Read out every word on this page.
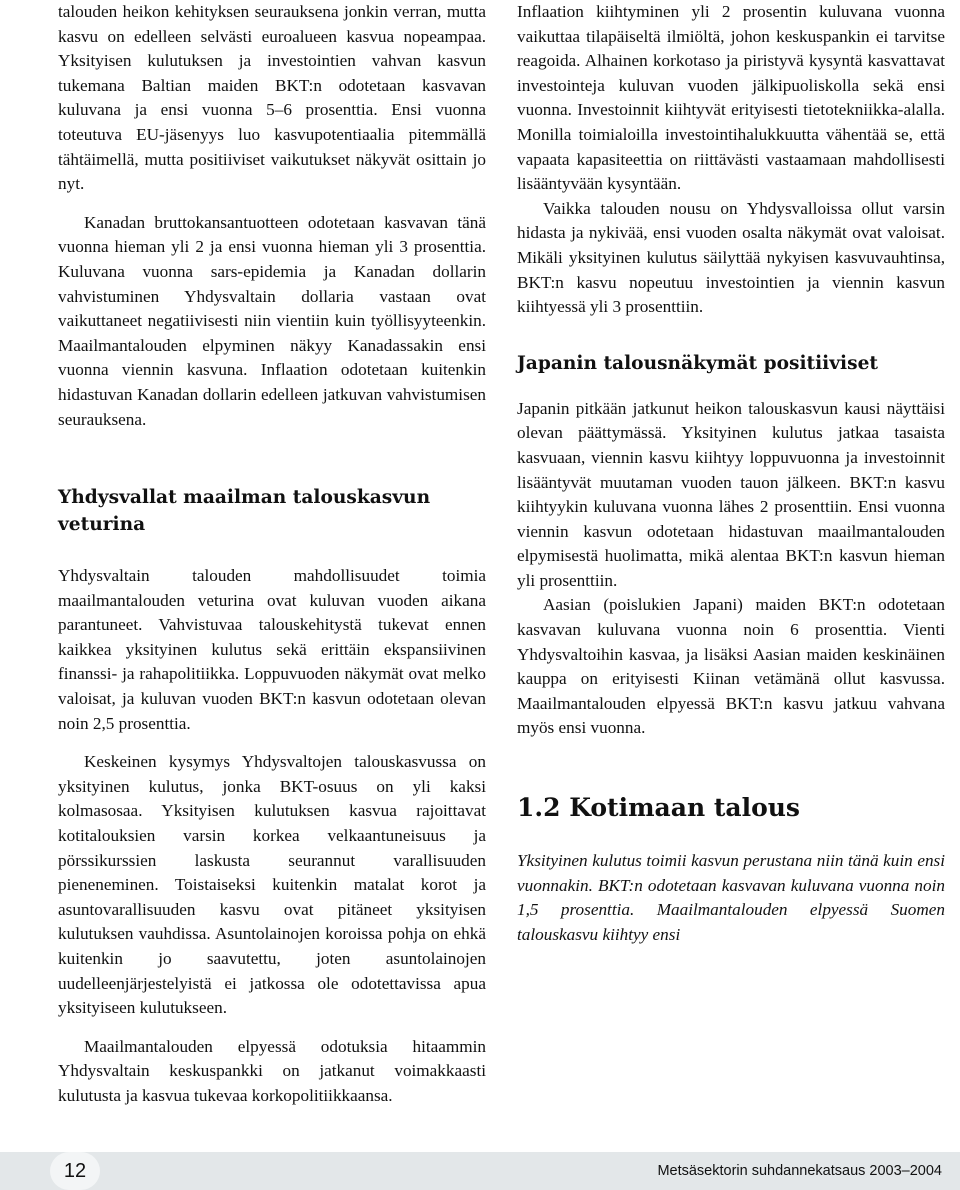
talouden heikon kehityksen seurauksena jonkin verran, mutta kasvu on edelleen selvästi euroalueen kasvua nopeampaa. Yksityisen kulutuksen ja investointien vahvan kasvun tukemana Baltian maiden BKT:n odotetaan kasvavan kuluvana ja ensi vuonna 5–6 prosenttia. Ensi vuonna toteutuva EU-jäsenyys luo kasvupotentiaalia pitemmällä tähtäimellä, mutta positiiviset vaikutukset näkyvät osittain jo nyt.

Kanadan bruttokansantuotteen odotetaan kasvavan tänä vuonna hieman yli 2 ja ensi vuonna hieman yli 3 prosenttia. Kuluvana vuonna sars-epidemia ja Kanadan dollarin vahvistuminen Yhdysvaltain dollaria vastaan ovat vaikuttaneet negatiivisesti niin vientiin kuin työllisyyteenkin. Maailmantalouden elpyminen näkyy Kanadassakin ensi vuonna viennin kasvuna. Inflaation odotetaan kuitenkin hidastuvan Kanadan dollarin edelleen jatkuvan vahvistumisen seurauksena.

Yhdysvallat maailman talouskasvun veturina

Yhdysvaltain talouden mahdollisuudet toimia maailmantalouden veturina ovat kuluvan vuoden aikana parantuneet. Vahvistuvaa talouskehitystä tukevat ennen kaikkea yksityinen kulutus sekä erittäin ekspansiivinen finanssi- ja rahapolitiikka. Loppuvuoden näkymät ovat melko valoisat, ja kuluvan vuoden BKT:n kasvun odotetaan olevan noin 2,5 prosenttia.

Keskeinen kysymys Yhdysvaltojen talouskasvussa on yksityinen kulutus, jonka BKT-osuus on yli kaksi kolmasosaa. Yksityisen kulutuksen kasvua rajoittavat kotitalouksien varsin korkea velkaantuneisuus ja pörssikurssien laskusta seurannut varallisuuden pieneneminen. Toistaiseksi kuitenkin matalat korot ja asuntovarallisuuden kasvu ovat pitäneet yksityisen kulutuksen vauhdissa. Asuntolainojen koroissa pohja on ehkä kuitenkin jo saavutettu, joten asuntolainojen uudelleenjärjestelyistä ei jatkossa ole odotettavissa apua yksityiseen kulutukseen.

Maailmantalouden elpyessä odotuksia hitaammin Yhdysvaltain keskuspankki on jatkanut voimakkaasti kulutusta ja kasvua tukevaa korkopolitiikkaansa.

Inflaation kiihtyminen yli 2 prosentin kuluvana vuonna vaikuttaa tilapäiseltä ilmiöltä, johon keskuspankin ei tarvitse reagoida. Alhainen korkotaso ja piristyvä kysyntä kasvattavat investointeja kuluvan vuoden jälkipuoliskolla sekä ensi vuonna. Investoinnit kiihtyvät erityisesti tietotekniikka-alalla. Monilla toimialoilla investointihalukkuutta vähentää se, että vapaata kapasiteettia on riittävästi vastaamaan mahdollisesti lisääntyvään kysyntään.

Vaikka talouden nousu on Yhdysvalloissa ollut varsin hidasta ja nykivää, ensi vuoden osalta näkymät ovat valoisat. Mikäli yksityinen kulutus säilyttää nykyisen kasvuvauhtinsa, BKT:n kasvu nopeutuu investointien ja viennin kasvun kiihtyessä yli 3 prosenttiin.

Japanin talousnäkymät positiiviset

Japanin pitkään jatkunut heikon talouskasvun kausi näyttäisi olevan päättymässä. Yksityinen kulutus jatkaa tasaista kasvuaan, viennin kasvu kiihtyy loppuvuonna ja investoinnit lisääntyvät muutaman vuoden tauon jälkeen. BKT:n kasvu kiihtyykin kuluvana vuonna lähes 2 prosenttiin. Ensi vuonna viennin kasvun odotetaan hidastuvan maailmantalouden elpymisestä huolimatta, mikä alentaa BKT:n kasvun hieman yli prosenttiin.

Aasian (poislukien Japani) maiden BKT:n odotetaan kasvavan kuluvana vuonna noin 6 prosenttia. Vienti Yhdysvaltoihin kasvaa, ja lisäksi Aasian maiden keskinäinen kauppa on erityisesti Kiinan vetämänä ollut kasvussa. Maailmantalouden elpyessä BKT:n kasvu jatkuu vahvana myös ensi vuonna.

1.2 Kotimaan talous

Yksityinen kulutus toimii kasvun perustana niin tänä kuin ensi vuonnakin. BKT:n odotetaan kasvavan kuluvana vuonna noin 1,5 prosenttia. Maailmantalouden elpyessä Suomen talouskasvu kiihtyy ensi

12	Metsäsektorin suhdannekatsaus 2003–2004
